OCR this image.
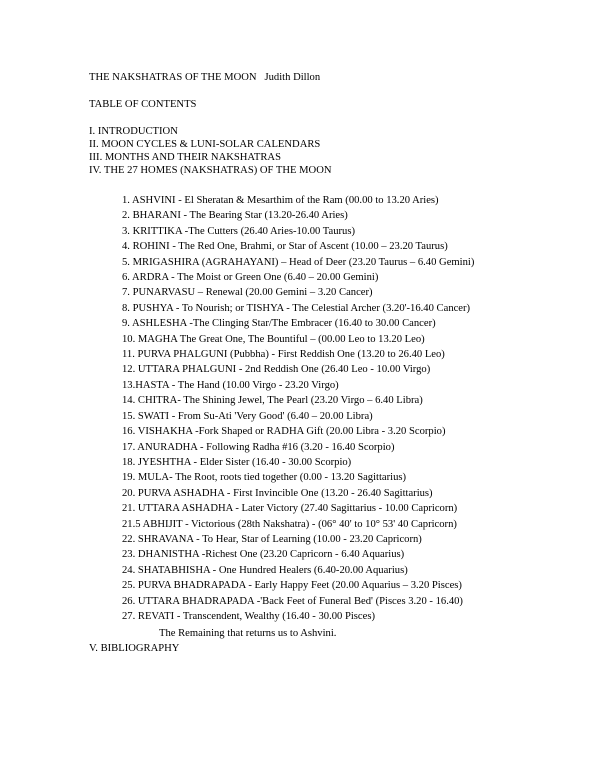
THE NAKSHATRAS OF THE MOON Judith Dillon
TABLE OF CONTENTS
I. INTRODUCTION
II. MOON CYCLES & LUNI-SOLAR CALENDARS
III. MONTHS AND THEIR NAKSHATRAS
IV. THE 27 HOMES (NAKSHATRAS) OF THE MOON
1. ASHVINI - El Sheratan & Mesarthim of the Ram (00.00 to 13.20 Aries)
2. BHARANI - The Bearing Star (13.20-26.40 Aries)
3. KRITTIKA -The Cutters (26.40 Aries-10.00 Taurus)
4. ROHINI - The Red One, Brahmi, or Star of Ascent (10.00 – 23.20 Taurus)
5. MRIGASHIRA (AGRAHAYANI) – Head of Deer (23.20 Taurus – 6.40 Gemini)
6. ARDRA - The Moist or Green One (6.40 – 20.00 Gemini)
7. PUNARVASU – Renewal (20.00 Gemini – 3.20 Cancer)
8. PUSHYA - To Nourish; or TISHYA - The Celestial Archer (3.20'-16.40 Cancer)
9. ASHLESHA -The Clinging Star/The Embracer (16.40 to 30.00 Cancer)
10. MAGHA The Great One, The Bountiful – (00.00 Leo to 13.20 Leo)
11. PURVA PHALGUNI (Pubbha) - First Reddish One (13.20 to 26.40 Leo)
12. UTTARA PHALGUNI - 2nd Reddish One (26.40 Leo - 10.00 Virgo)
13.HASTA - The Hand (10.00 Virgo - 23.20 Virgo)
14. CHITRA- The Shining Jewel, The Pearl (23.20 Virgo – 6.40 Libra)
15. SWATI - From Su-Ati 'Very Good' (6.40 – 20.00 Libra)
16. VISHAKHA -Fork Shaped or RADHA Gift (20.00 Libra - 3.20 Scorpio)
17. ANURADHA - Following Radha #16 (3.20 - 16.40 Scorpio)
18. JYESHTHA - Elder Sister (16.40 - 30.00 Scorpio)
19. MULA- The Root, roots tied together (0.00 - 13.20 Sagittarius)
20. PURVA ASHADHA - First Invincible One (13.20 - 26.40 Sagittarius)
21. UTTARA ASHADHA - Later Victory (27.40 Sagittarius - 10.00 Capricorn)
21.5 ABHIJIT - Victorious (28th Nakshatra) - (06° 40' to 10° 53' 40 Capricorn)
22. SHRAVANA - To Hear, Star of Learning (10.00 - 23.20 Capricorn)
23. DHANISTHA -Richest One (23.20 Capricorn - 6.40 Aquarius)
24. SHATABHISHA - One Hundred Healers (6.40-20.00 Aquarius)
25. PURVA BHADRAPADA - Early Happy Feet (20.00 Aquarius – 3.20 Pisces)
26. UTTARA BHADRAPADA -'Back Feet of Funeral Bed' (Pisces 3.20 - 16.40)
27. REVATI - Transcendent, Wealthy (16.40 - 30.00 Pisces)
The Remaining that returns us to Ashvini.
V. BIBLIOGRAPHY
